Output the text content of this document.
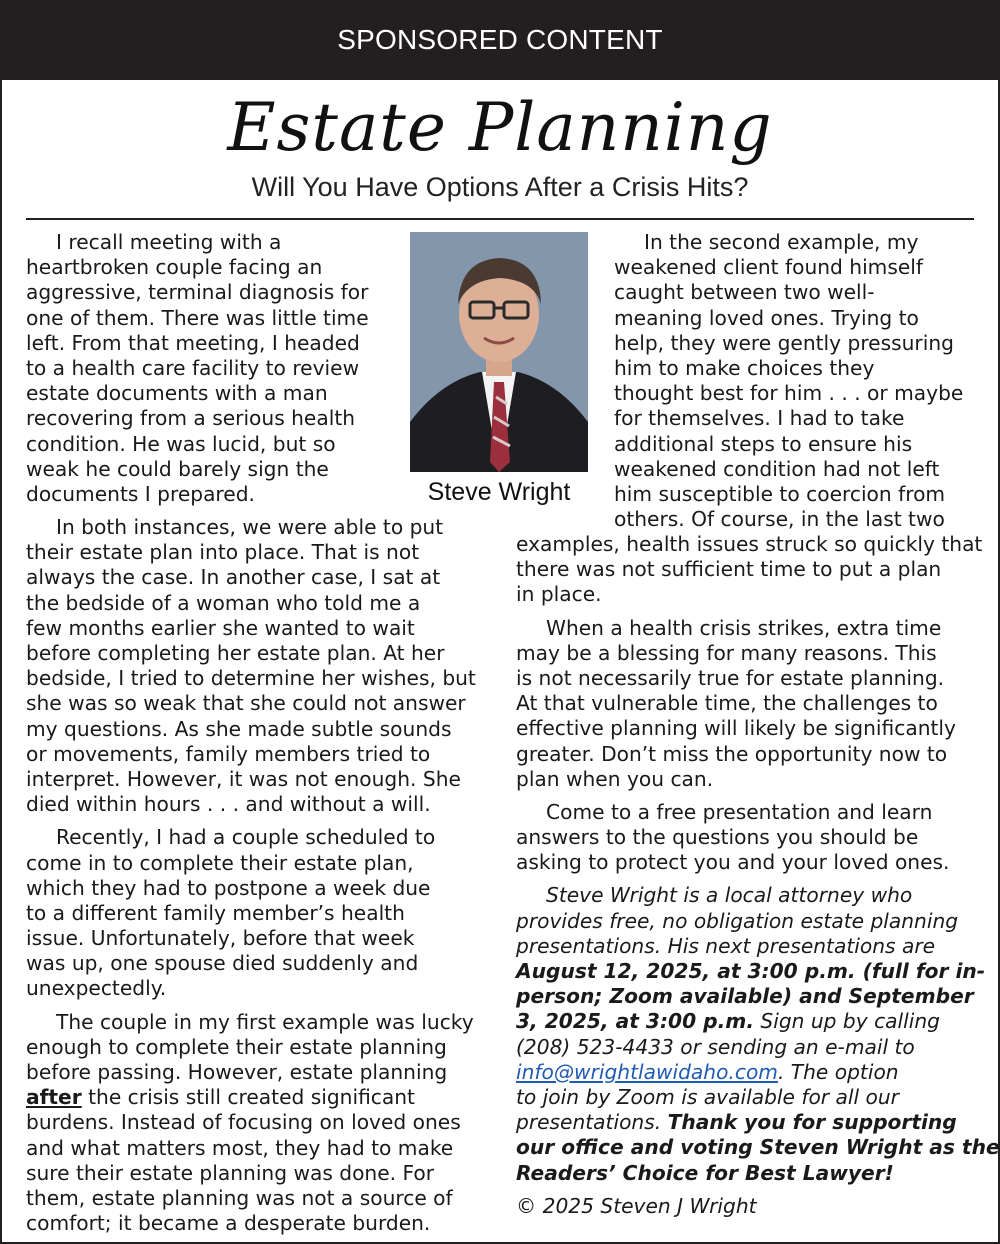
SPONSORED CONTENT
Estate Planning
Will You Have Options After a Crisis Hits?
Steve Wright
I recall meeting with a
heartbroken couple facing an
aggressive, terminal diagnosis for
one of them. There was little time
left. From that meeting, I headed
to a health care facility to review
estate documents with a man
recovering from a serious health
condition. He was lucid, but so
weak he could barely sign the
documents I prepared.
In both instances, we were able to put
their estate plan into place. That is not
always the case. In another case, I sat at
the bedside of a woman who told me a
few months earlier she wanted to wait
before completing her estate plan. At her
bedside, I tried to determine her wishes, but
she was so weak that she could not answer
my questions. As she made subtle sounds
or movements, family members tried to
interpret. However, it was not enough. She
died within hours . . . and without a will.
Recently, I had a couple scheduled to
come in to complete their estate plan,
which they had to postpone a week due
to a different family member’s health
issue. Unfortunately, before that week
was up, one spouse died suddenly and
unexpectedly.
The couple in my first example was lucky
enough to complete their estate planning
before passing. However, estate planning
after the crisis still created significant
burdens. Instead of focusing on loved ones
and what matters most, they had to make
sure their estate planning was done. For
them, estate planning was not a source of
comfort; it became a desperate burden.
In the second example, my
weakened client found himself
caught between two well-
meaning loved ones. Trying to
help, they were gently pressuring
him to make choices they
thought best for him . . . or maybe
for themselves. I had to take
additional steps to ensure his
weakened condition had not left
him susceptible to coercion from
others. Of course, in the last two
examples, health issues struck so quickly that
there was not sufficient time to put a plan
in place.
When a health crisis strikes, extra time
may be a blessing for many reasons. This
is not necessarily true for estate planning.
At that vulnerable time, the challenges to
effective planning will likely be significantly
greater. Don’t miss the opportunity now to
plan when you can.
Come to a free presentation and learn
answers to the questions you should be
asking to protect you and your loved ones.
Steve Wright is a local attorney who
provides free, no obligation estate planning
presentations. His next presentations are
August 12, 2025, at 3:00 p.m. (full for in-
person; Zoom available) and September
3, 2025, at 3:00 p.m. Sign up by calling
(208) 523-4433 or sending an e-mail to
info@wrightlawidaho.com. The option
to join by Zoom is available for all our
presentations. Thank you for supporting
our office and voting Steven Wright as the
Readers’ Choice for Best Lawyer!
© 2025 Steven J Wright
